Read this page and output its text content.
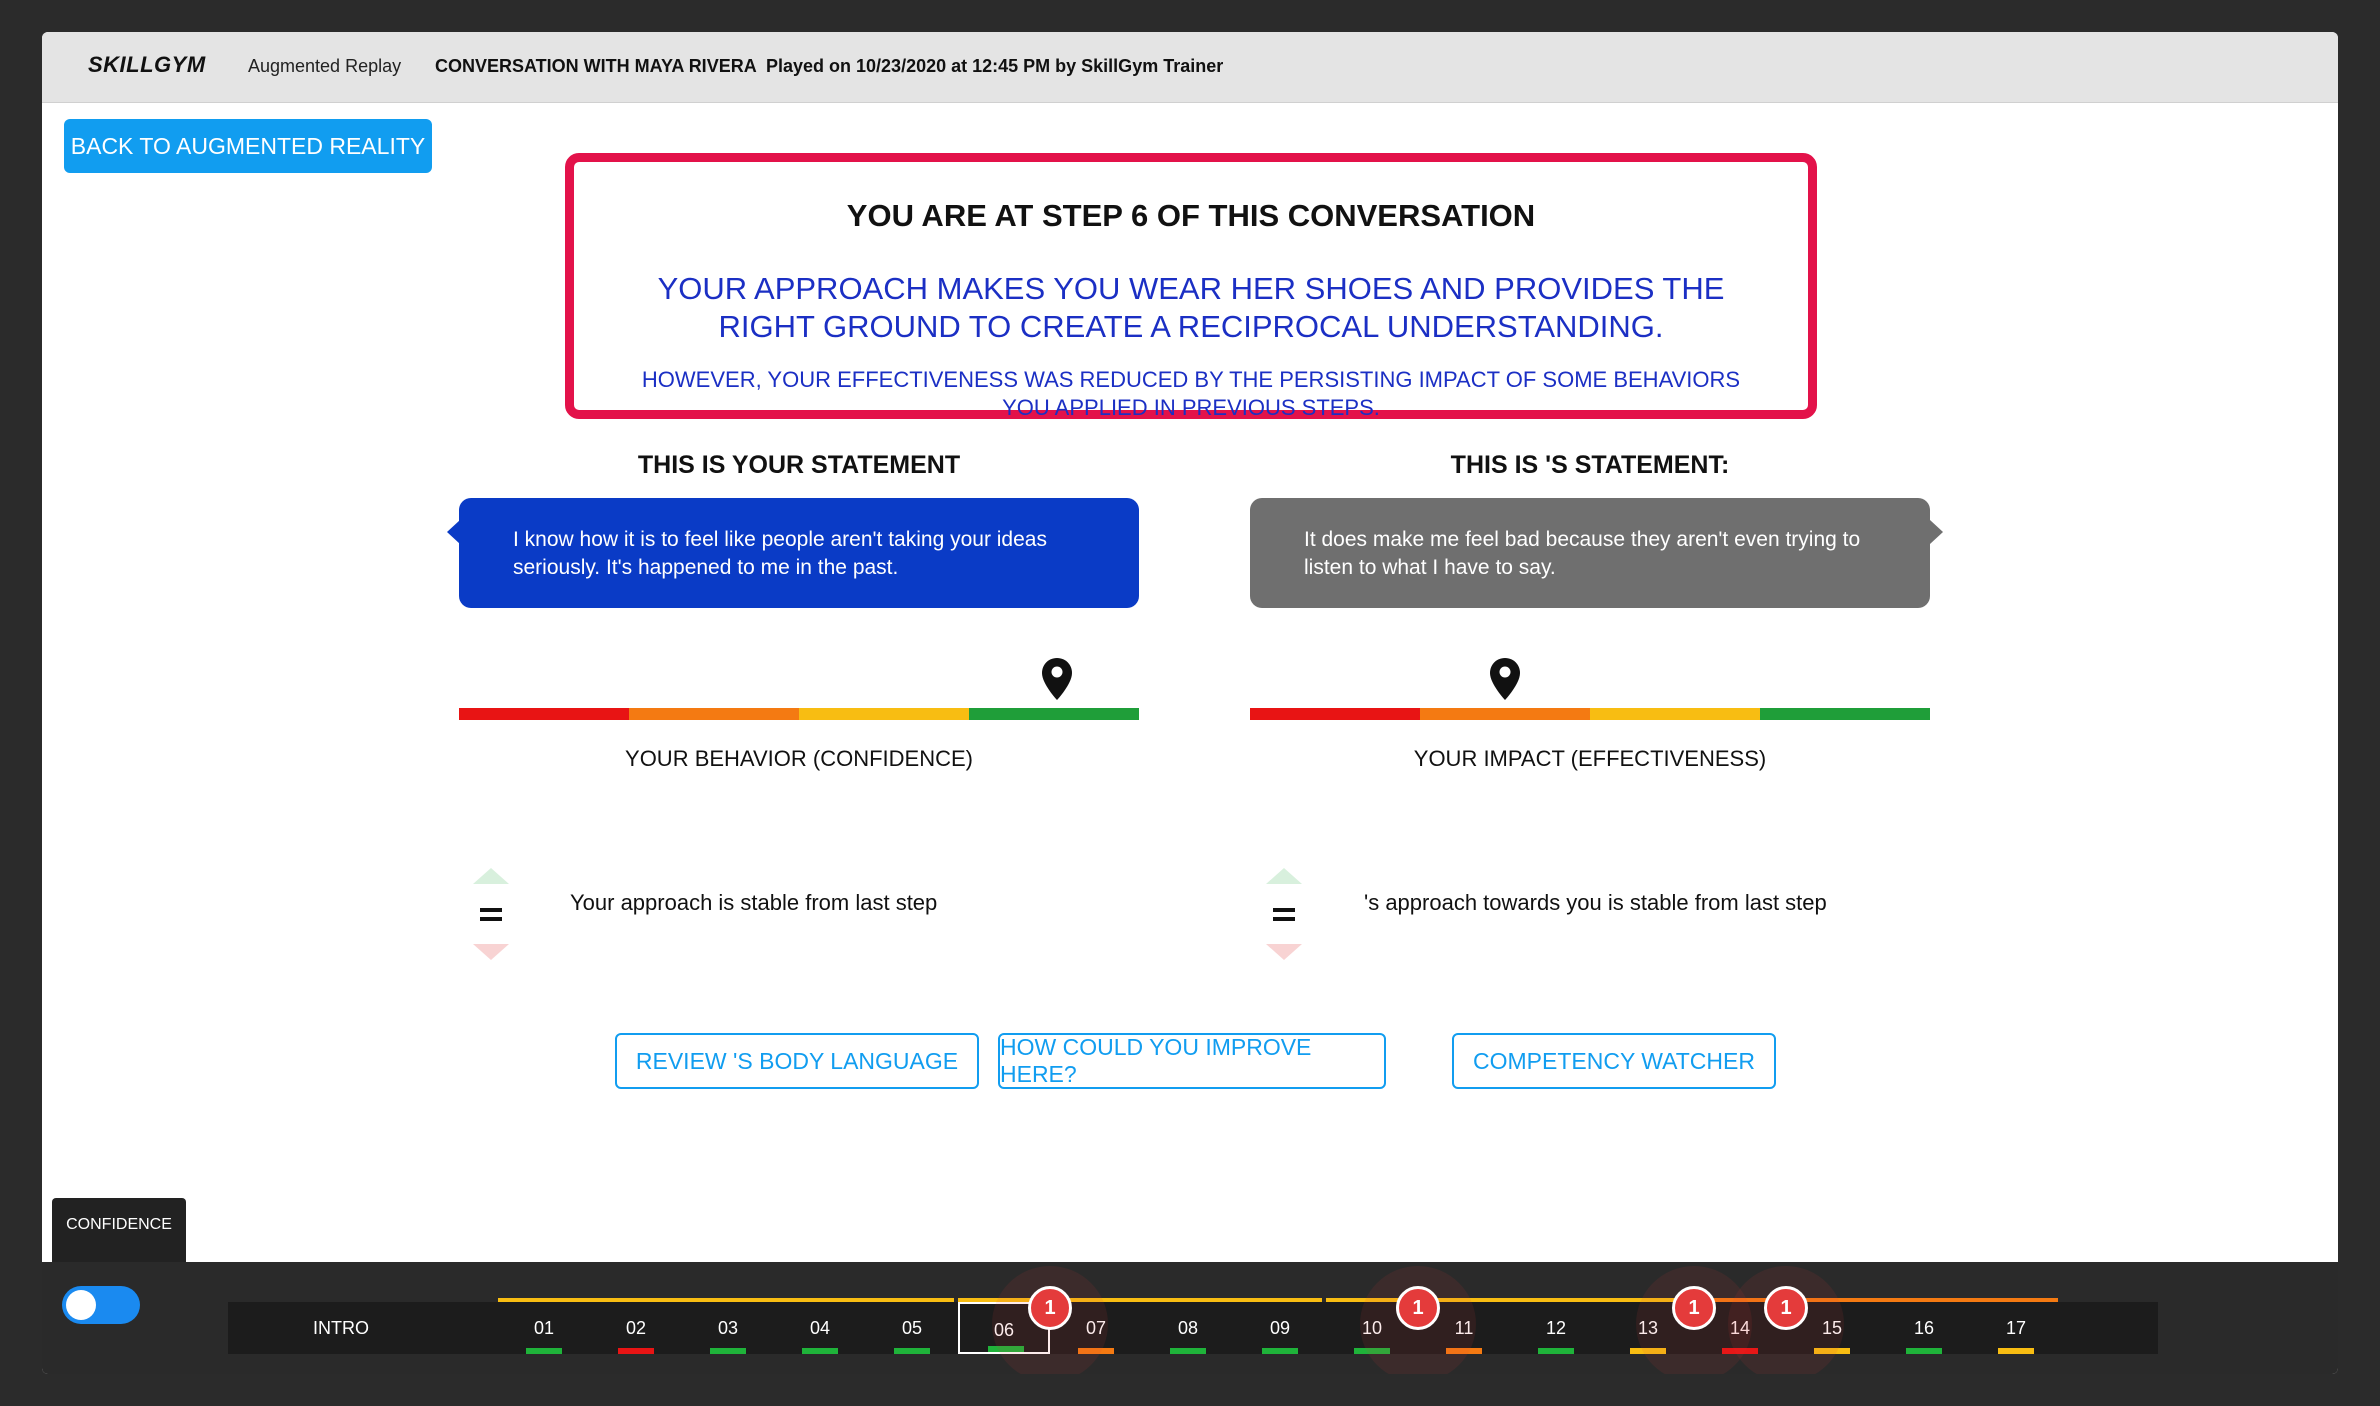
SKILLGYM Augmented Replay CONVERSATION WITH MAYA RIVERA Played on 10/23/2020 at 12:45 PM by SkillGym Trainer
BACK TO AUGMENTED REALITY
YOU ARE AT STEP 6 OF THIS CONVERSATION
YOUR APPROACH MAKES YOU WEAR HER SHOES AND PROVIDES THE RIGHT GROUND TO CREATE A RECIPROCAL UNDERSTANDING.
HOWEVER, YOUR EFFECTIVENESS WAS REDUCED BY THE PERSISTING IMPACT OF SOME BEHAVIORS YOU APPLIED IN PREVIOUS STEPS.
THIS IS YOUR STATEMENT	THIS IS 'S STATEMENT:
I know how it is to feel like people aren't taking your ideas seriously. It's happened to me in the past.
It does make me feel bad because they aren't even trying to listen to what I have to say.
YOUR BEHAVIOR (CONFIDENCE)	YOUR IMPACT (EFFECTIVENESS)
Your approach is stable from last step	's approach towards you is stable from last step
REVIEW 'S BODY LANGUAGE
HOW COULD YOU IMPROVE HERE?
COMPETENCY WATCHER
CONFIDENCE
INTRO	01	02	03	04	05	06	07	08	09	10	11	12	13	14	15	16	17
1	1	1	1
